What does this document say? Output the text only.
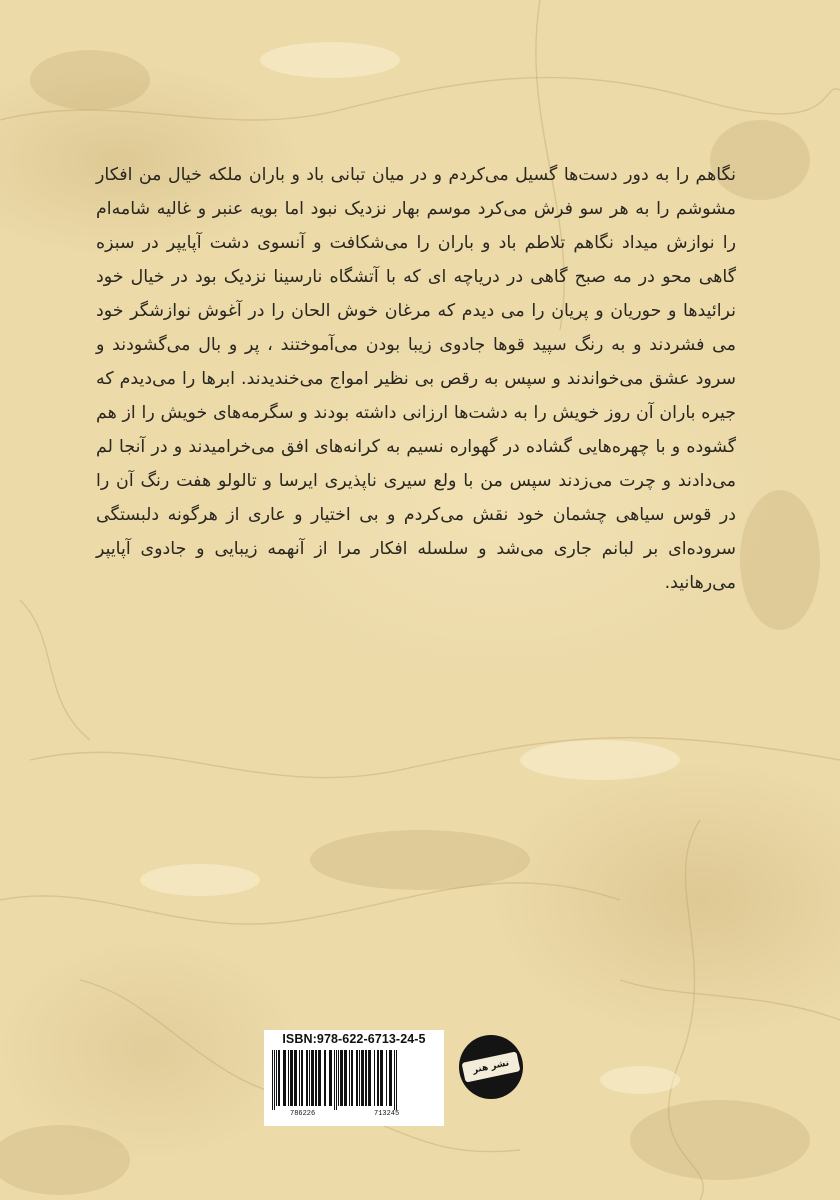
نگاهم را به دور دست‌ها گسیل می‌کردم و در میان تبانی باد و باران ملکه خیال من افکار مشوشم را به هر سو فرش می‌کرد موسم بهار نزدیک نبود اما بویه عنبر و غالیه شامه‌ام را نوازش میداد نگاهم تلاطم باد و باران را می‌شکافت و آنسوی دشت آپایپر در سبزه گاهی محو در مه صبح گاهی در دریاچه ای که با آتشگاه نارسینا نزدیک بود در خیال خود نرائیدها و حوریان و پریان را می دیدم که مرغان خوش الحان را در آغوش نوازشگر خود می فشردند و به رنگ سپید قوها جادوی زیبا بودن می‌آموختند ، پر و بال می‌گشودند و سرود عشق می‌خواندند و سپس به رقص بی نظیر امواج می‌خندیدند. ابرها را می‌دیدم که جیره باران آن روز خویش را به دشت‌ها ارزانی داشته بودند و سگرمه‌های خویش را از هم گشوده و با چهره‌هایی گشاده در گهواره نسیم به کرانه‌های افق می‌خرامیدند و در آنجا لم می‌دادند و چرت می‌زدند سپس من با ولع سیری ناپذیری ایرسا و تالولو هفت رنگ آن را در قوس سیاهی چشمان خود نقش می‌کردم و بی اختیار و عاری از هرگونه دلبستگی سروده‌ای بر لبانم جاری می‌شد و سلسله افکار مرا از آنهمه زیبایی و جادوی آپایپر می‌رهانید.

ISBN:978-622-6713-24-5
786226	713245
نشر هنر پارینه
